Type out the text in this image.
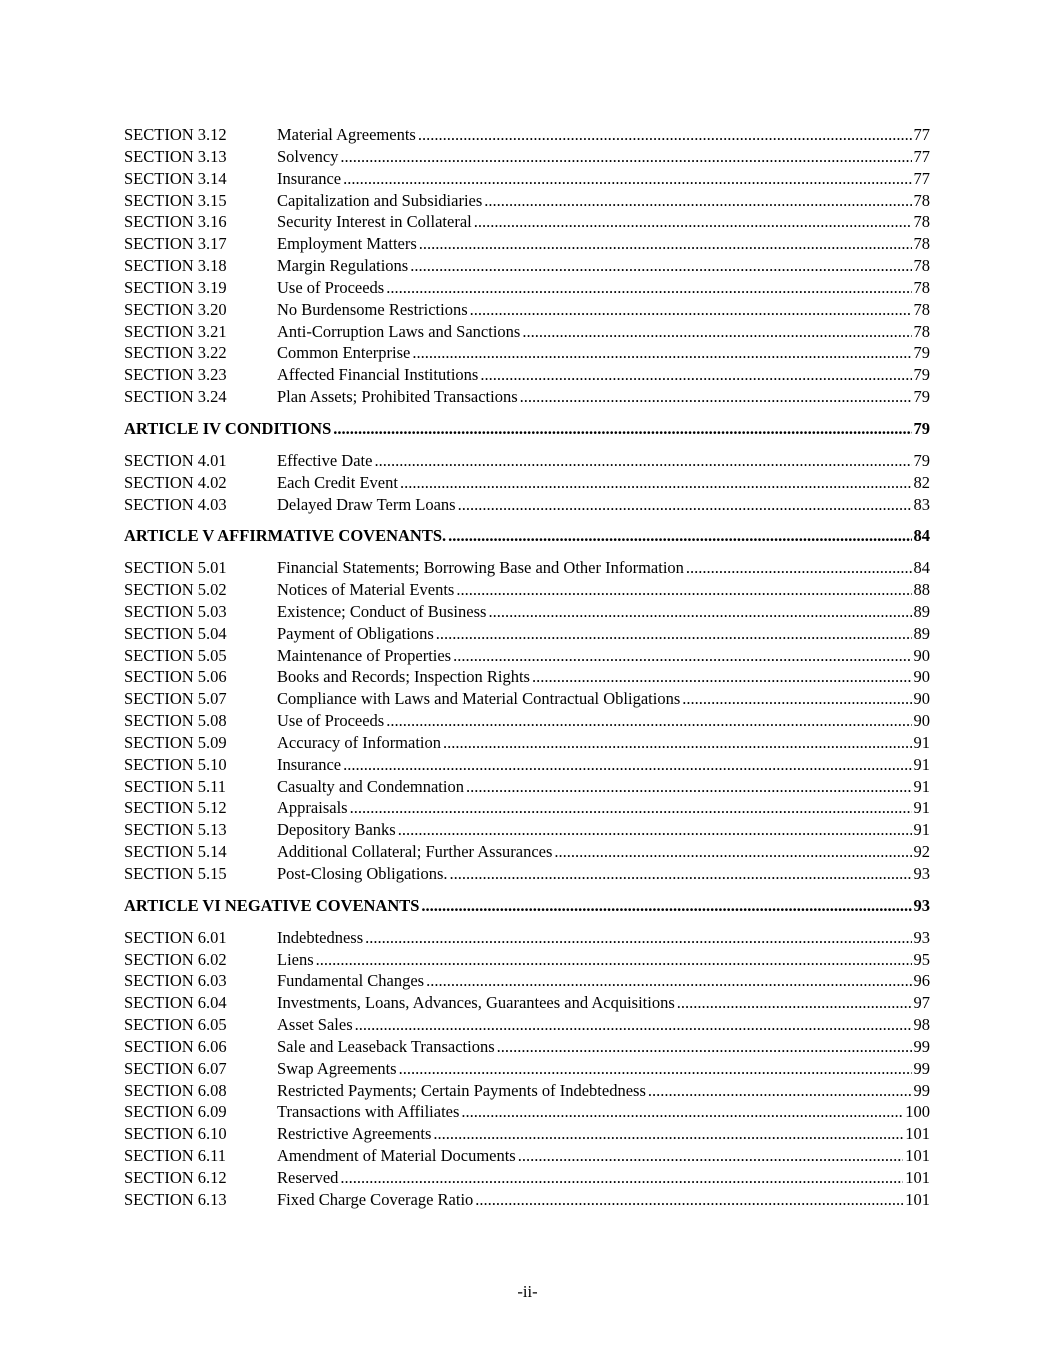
SECTION 3.12	Material Agreements .....	77
SECTION 3.13	Solvency .....	77
SECTION 3.14	Insurance .....	77
SECTION 3.15	Capitalization and Subsidiaries .....	78
SECTION 3.16	Security Interest in Collateral .....	78
SECTION 3.17	Employment Matters .....	78
SECTION 3.18	Margin Regulations .....	78
SECTION 3.19	Use of Proceeds .....	78
SECTION 3.20	No Burdensome Restrictions .....	78
SECTION 3.21	Anti-Corruption Laws and Sanctions .....	78
SECTION 3.22	Common Enterprise .....	79
SECTION 3.23	Affected Financial Institutions .....	79
SECTION 3.24	Plan Assets; Prohibited Transactions .....	79
ARTICLE IV CONDITIONS .....	79
SECTION 4.01	Effective Date .....	79
SECTION 4.02	Each Credit Event .....	82
SECTION 4.03	Delayed Draw Term Loans .....	83
ARTICLE V AFFIRMATIVE COVENANTS. .....	84
SECTION 5.01	Financial Statements; Borrowing Base and Other Information .....	84
SECTION 5.02	Notices of Material Events .....	88
SECTION 5.03	Existence; Conduct of Business .....	89
SECTION 5.04	Payment of Obligations .....	89
SECTION 5.05	Maintenance of Properties .....	90
SECTION 5.06	Books and Records; Inspection Rights .....	90
SECTION 5.07	Compliance with Laws and Material Contractual Obligations .....	90
SECTION 5.08	Use of Proceeds .....	90
SECTION 5.09	Accuracy of Information .....	91
SECTION 5.10	Insurance .....	91
SECTION 5.11	Casualty and Condemnation .....	91
SECTION 5.12	Appraisals .....	91
SECTION 5.13	Depository Banks .....	91
SECTION 5.14	Additional Collateral; Further Assurances .....	92
SECTION 5.15	Post-Closing Obligations. .....	93
ARTICLE VI NEGATIVE COVENANTS .....	93
SECTION 6.01	Indebtedness .....	93
SECTION 6.02	Liens .....	95
SECTION 6.03	Fundamental Changes .....	96
SECTION 6.04	Investments, Loans, Advances, Guarantees and Acquisitions .....	97
SECTION 6.05	Asset Sales .....	98
SECTION 6.06	Sale and Leaseback Transactions .....	99
SECTION 6.07	Swap Agreements .....	99
SECTION 6.08	Restricted Payments; Certain Payments of Indebtedness .....	99
SECTION 6.09	Transactions with Affiliates .....	100
SECTION 6.10	Restrictive Agreements .....	101
SECTION 6.11	Amendment of Material Documents .....	101
SECTION 6.12	Reserved .....	101
SECTION 6.13	Fixed Charge Coverage Ratio .....	101
-ii-
